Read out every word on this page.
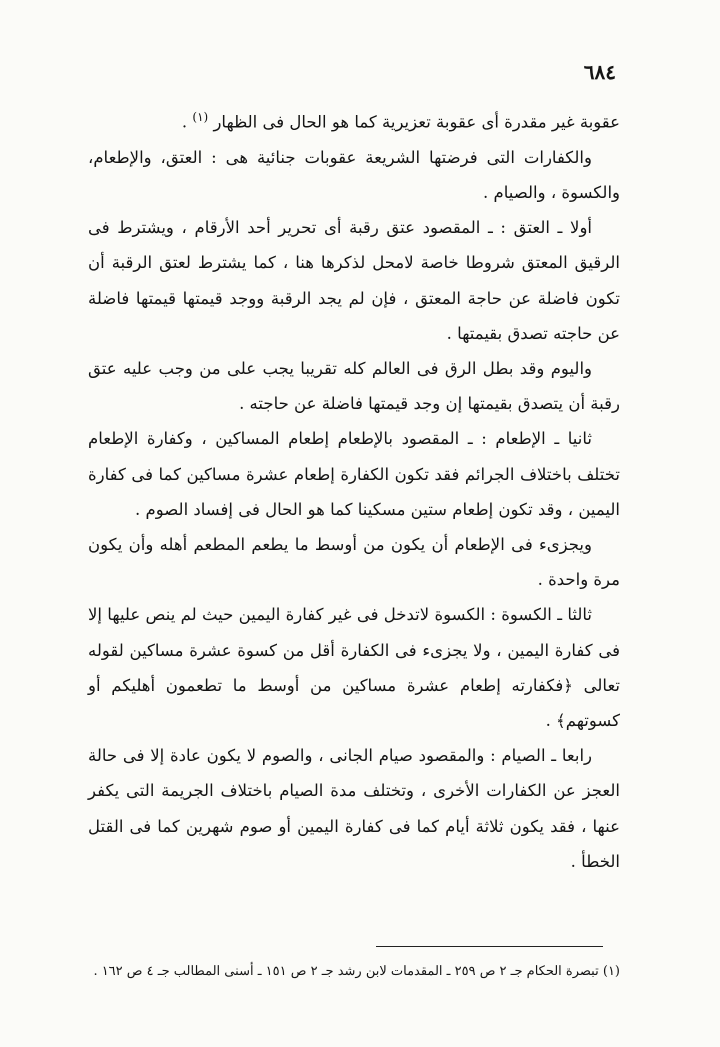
٦٨٤

عقوبة غير مقدرة أى عقوبة تعزيرية كما هو الحال فى الظهار $^{(١)}$ .

والكفارات التى فرضتها الشريعة عقوبات جنائية هى : العتق، والإطعام، والكسوة ، والصيام .

أولا ـ العتق : ـ المقصود عتق رقبة أى تحرير أحد الأرقام ، ويشترط فى الرقيق المعتق شروطا خاصة لامحل لذكرها هنا ، كما يشترط لعتق الرقبة أن تكون فاضلة عن حاجة المعتق ، فإن لم يجد الرقبة ووجد قيمتها قيمتها فاضلة عن حاجته تصدق بقيمتها .

واليوم وقد بطل الرق فى العالم كله تقريبا يجب على من وجب عليه عتق رقبة أن يتصدق بقيمتها إن وجد قيمتها فاضلة عن حاجته .

ثانيا ـ الإطعام : ـ المقصود بالإطعام إطعام المساكين ، وكفارة الإطعام تختلف باختلاف الجرائم فقد تكون الكفارة إطعام عشرة مساكين كما فى كفارة اليمين ، وقد تكون إطعام ستين مسكينا كما هو الحال فى إفساد الصوم .

ويجزىء فى الإطعام أن يكون من أوسط ما يطعم المطعم أهله وأن يكون مرة واحدة .

ثالثا ـ الكسوة : الكسوة لاتدخل فى غير كفارة اليمين حيث لم ينص عليها إلا فى كفارة اليمين ، ولا يجزىء فى الكفارة أقل من كسوة عشرة مساكين لقوله تعالى ﴿فكفارته إطعام عشرة مساكين من أوسط ما تطعمون أهليكم أو كسوتهم﴾ .

رابعا ـ الصيام : والمقصود صيام الجانى ، والصوم لا يكون عادة إلا فى حالة العجز عن الكفارات الأخرى ، وتختلف مدة الصيام باختلاف الجريمة التى يكفر عنها ، فقد يكون ثلاثة أيام كما فى كفارة اليمين أو صوم شهرين كما فى القتل الخطأ .

(١) تبصرة الحكام جـ ٢ ص ٢٥٩ ـ المقدمات لابن رشد جـ ٢ ص ١٥١ ـ أسنى المطالب جـ ٤ ص ١٦٢ .
